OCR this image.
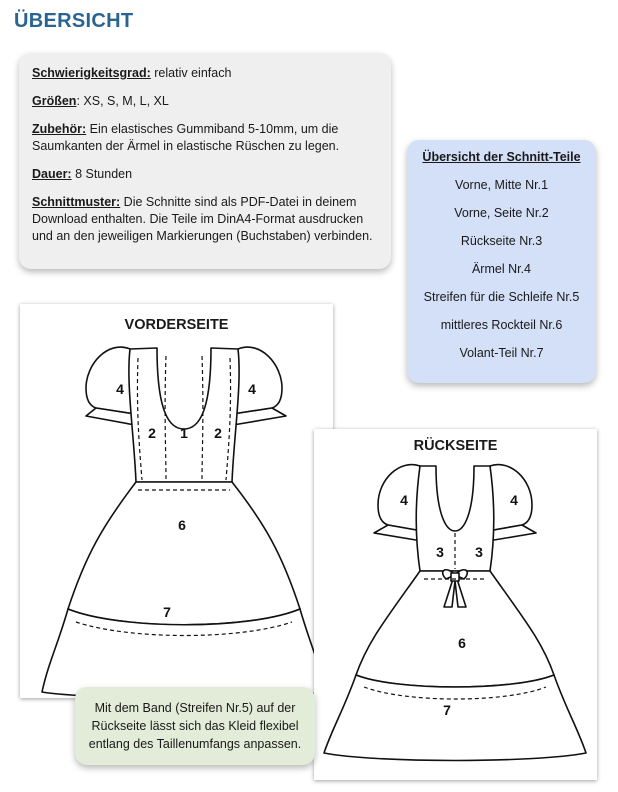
ÜBERSICHT

Schwierigkeitsgrad: relativ einfach

Größen: XS, S, M, L, XL

Zubehör: Ein elastisches Gummiband 5-10mm, um die Saumkanten der Ärmel in elastische Rüschen zu legen.

Dauer: 8 Stunden

Schnittmuster: Die Schnitte sind als PDF-Datei in deinem Download enthalten. Die Teile im DinA4-Format ausdrucken und an den jeweiligen Markierungen (Buchstaben) verbinden.

Übersicht der Schnitt-Teile
Vorne, Mitte Nr.1
Vorne, Seite Nr.2
Rückseite Nr.3
Ärmel Nr.4
Streifen für die Schleife Nr.5
mittleres Rockteil Nr.6
Volant-Teil Nr.7
VORDERSEITE
4	4
2 1 2
6
7
RÜCKSEITE
4	4
3 3
6
7
Mit dem Band (Streifen Nr.5) auf der Rückseite lässt sich das Kleid flexibel entlang des Taillenumfangs anpassen.
